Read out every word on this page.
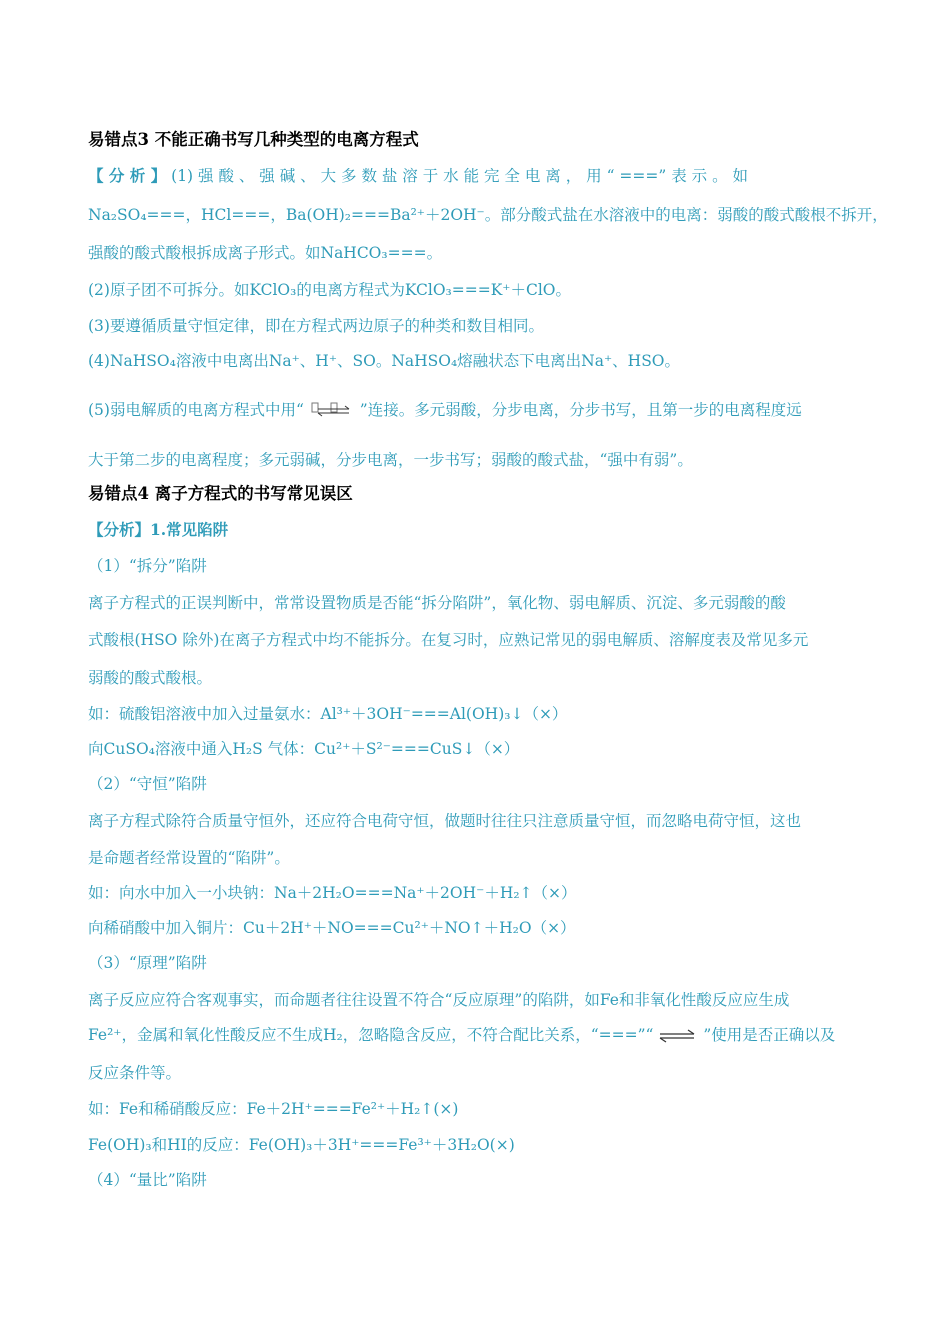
易错点3 不能正确书写几种类型的电离方程式
【 分 析 】 (1) 强 酸 、 强 碱 、 大 多 数 盐 溶 于 水 能 完 全 电 离 ， 用 “ ===” 表 示 。 如
Na₂SO₄===，HCl===，Ba(OH)₂===Ba²⁺＋2OH⁻。部分酸式盐在水溶液中的电离：弱酸的酸式酸根不拆开，
强酸的酸式酸根拆成离子形式。如NaHCO₃===。
(2)原子团不可拆分。如KClO₃的电离方程式为KClO₃===K⁺＋ClO。
(3)要遵循质量守恒定律，即在方程式两边原子的种类和数目相同。
(4)NaHSO₄溶液中电离出Na⁺、H⁺、SO。NaHSO₄熔融状态下电离出Na⁺、HSO。
(5)弱电解质的电离方程式中用“ ⇌ ”连接。多元弱酸，分步电离，分步书写，且第一步的电离程度远
大于第二步的电离程度；多元弱碱，分步电离，一步书写；弱酸的酸式盐，“强中有弱”。
易错点4 离子方程式的书写常见误区
【分析】1.常见陷阱
（1）“拆分”陷阱
离子方程式的正误判断中，常常设置物质是否能“拆分陷阱”，氧化物、弱电解质、沉淀、多元弱酸的酸
式酸根(HSO 除外)在离子方程式中均不能拆分。在复习时，应熟记常见的弱电解质、溶解度表及常见多元
弱酸的酸式酸根。
如：硫酸铝溶液中加入过量氨水：Al³⁺＋3OH⁻===Al(OH)₃↓（×）
向CuSO₄溶液中通入H₂S 气体：Cu²⁺＋S²⁻===CuS↓（×）
（2）“守恒”陷阱
离子方程式除符合质量守恒外，还应符合电荷守恒，做题时往往只注意质量守恒，而忽略电荷守恒，这也
是命题者经常设置的“陷阱”。
如：向水中加入一小块钠：Na＋2H₂O===Na⁺＋2OH⁻＋H₂↑（×）
向稀硝酸中加入铜片：Cu＋2H⁺＋NO===Cu²⁺＋NO↑＋H₂O（×）
（3）“原理”陷阱
离子反应应符合客观事实，而命题者往往设置不符合“反应原理”的陷阱，如Fe和非氧化性酸反应应生成
Fe²⁺，金属和氧化性酸反应不生成H₂，忽略隐含反应，不符合配比关系，“===”“ ⇌ ”使用是否正确以及
反应条件等。
如：Fe和稀硝酸反应：Fe＋2H⁺===Fe²⁺＋H₂↑(×)
Fe(OH)₃和HI的反应：Fe(OH)₃＋3H⁺===Fe³⁺＋3H₂O(×)
（4）“量比”陷阱
